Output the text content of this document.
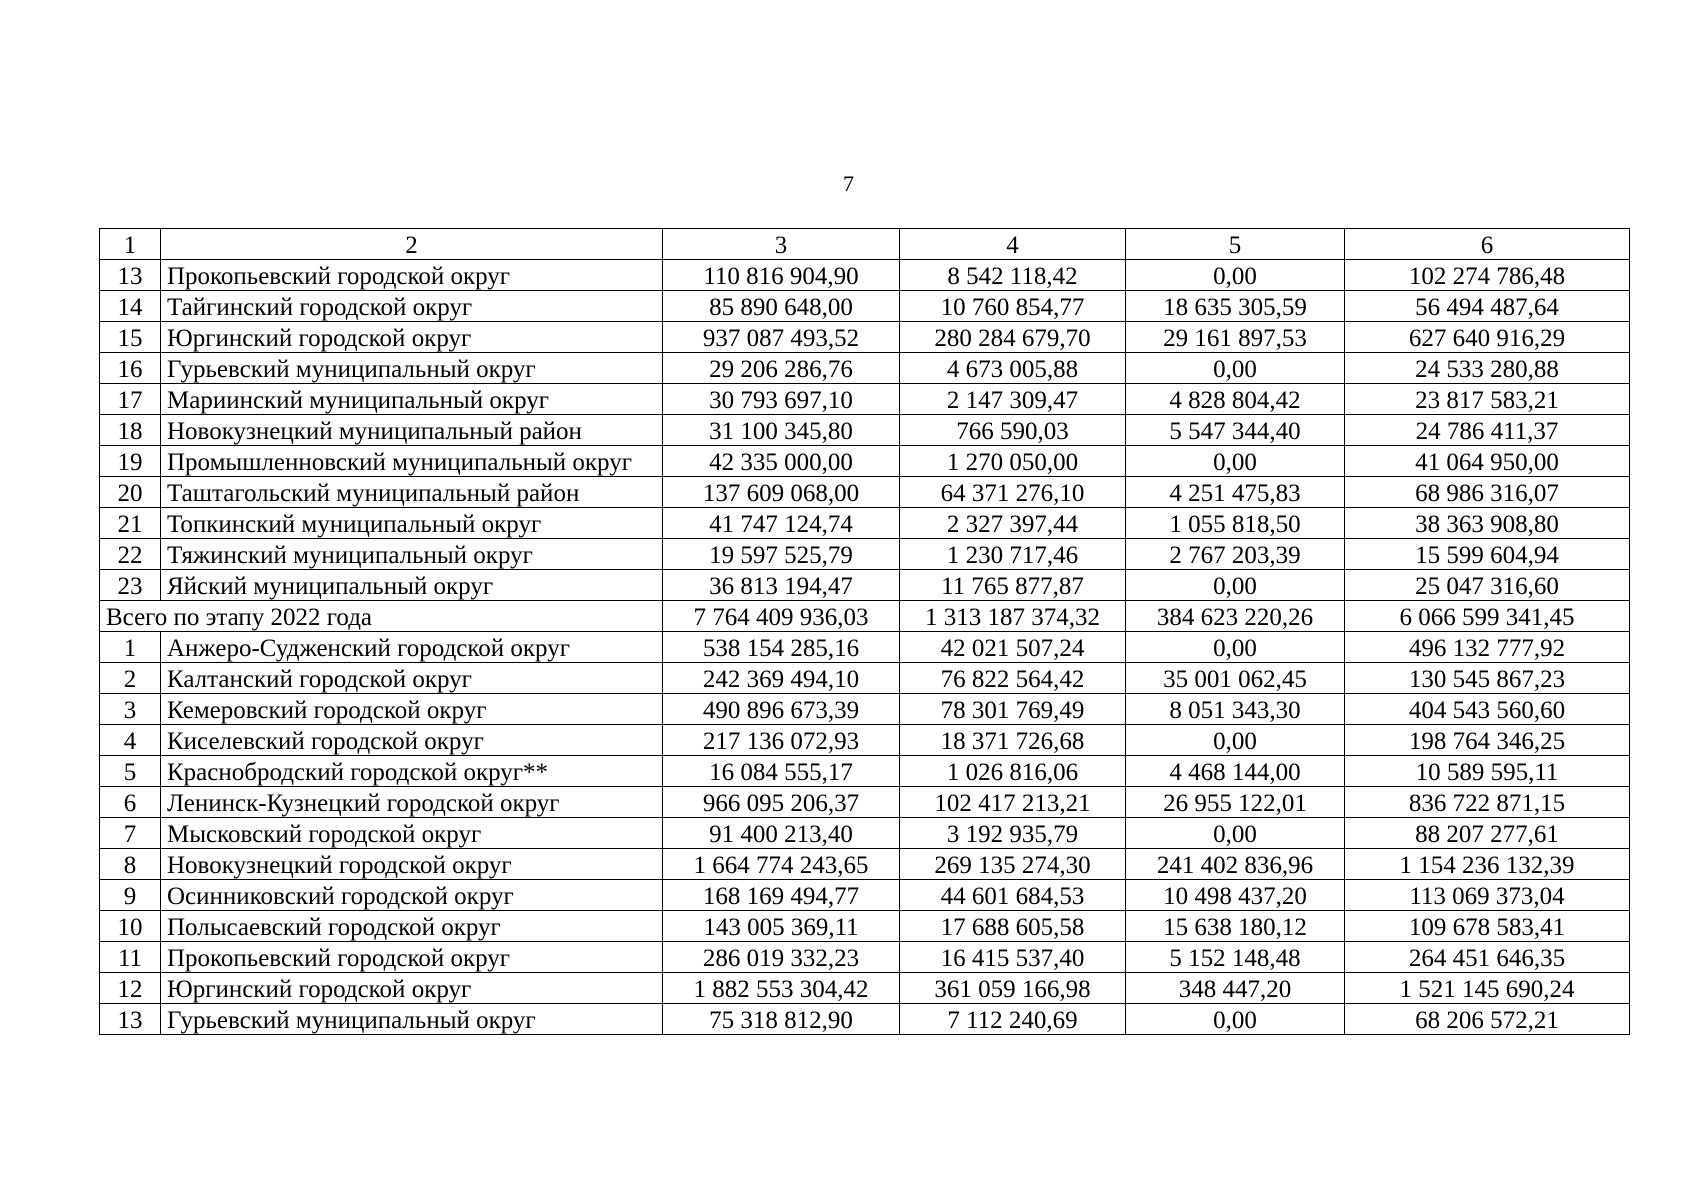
7
1	2	3	4	5	6
13	Прокопьевский городской округ	110 816 904,90	8 542 118,42	0,00	102 274 786,48
14	Тайгинский городской округ	85 890 648,00	10 760 854,77	18 635 305,59	56 494 487,64
15	Юргинский городской округ	937 087 493,52	280 284 679,70	29 161 897,53	627 640 916,29
16	Гурьевский муниципальный округ	29 206 286,76	4 673 005,88	0,00	24 533 280,88
17	Мариинский муниципальный округ	30 793 697,10	2 147 309,47	4 828 804,42	23 817 583,21
18	Новокузнецкий муниципальный район	31 100 345,80	766 590,03	5 547 344,40	24 786 411,37
19	Промышленновский муниципальный округ	42 335 000,00	1 270 050,00	0,00	41 064 950,00
20	Таштагольский муниципальный район	137 609 068,00	64 371 276,10	4 251 475,83	68 986 316,07
21	Топкинский муниципальный округ	41 747 124,74	2 327 397,44	1 055 818,50	38 363 908,80
22	Тяжинский муниципальный округ	19 597 525,79	1 230 717,46	2 767 203,39	15 599 604,94
23	Яйский муниципальный округ	36 813 194,47	11 765 877,87	0,00	25 047 316,60
Всего по этапу 2022 года		7 764 409 936,03	1 313 187 374,32	384 623 220,26	6 066 599 341,45
1	Анжеро-Судженский городской округ	538 154 285,16	42 021 507,24	0,00	496 132 777,92
2	Калтанский городской округ	242 369 494,10	76 822 564,42	35 001 062,45	130 545 867,23
3	Кемеровский городской округ	490 896 673,39	78 301 769,49	8 051 343,30	404 543 560,60
4	Киселевский городской округ	217 136 072,93	18 371 726,68	0,00	198 764 346,25
5	Краснобродский городской округ**	16 084 555,17	1 026 816,06	4 468 144,00	10 589 595,11
6	Ленинск-Кузнецкий городской округ	966 095 206,37	102 417 213,21	26 955 122,01	836 722 871,15
7	Мысковский городской округ	91 400 213,40	3 192 935,79	0,00	88 207 277,61
8	Новокузнецкий городской округ	1 664 774 243,65	269 135 274,30	241 402 836,96	1 154 236 132,39
9	Осинниковский городской округ	168 169 494,77	44 601 684,53	10 498 437,20	113 069 373,04
10	Полысаевский городской округ	143 005 369,11	17 688 605,58	15 638 180,12	109 678 583,41
11	Прокопьевский городской округ	286 019 332,23	16 415 537,40	5 152 148,48	264 451 646,35
12	Юргинский городской округ	1 882 553 304,42	361 059 166,98	348 447,20	1 521 145 690,24
13	Гурьевский муниципальный округ	75 318 812,90	7 112 240,69	0,00	68 206 572,21
